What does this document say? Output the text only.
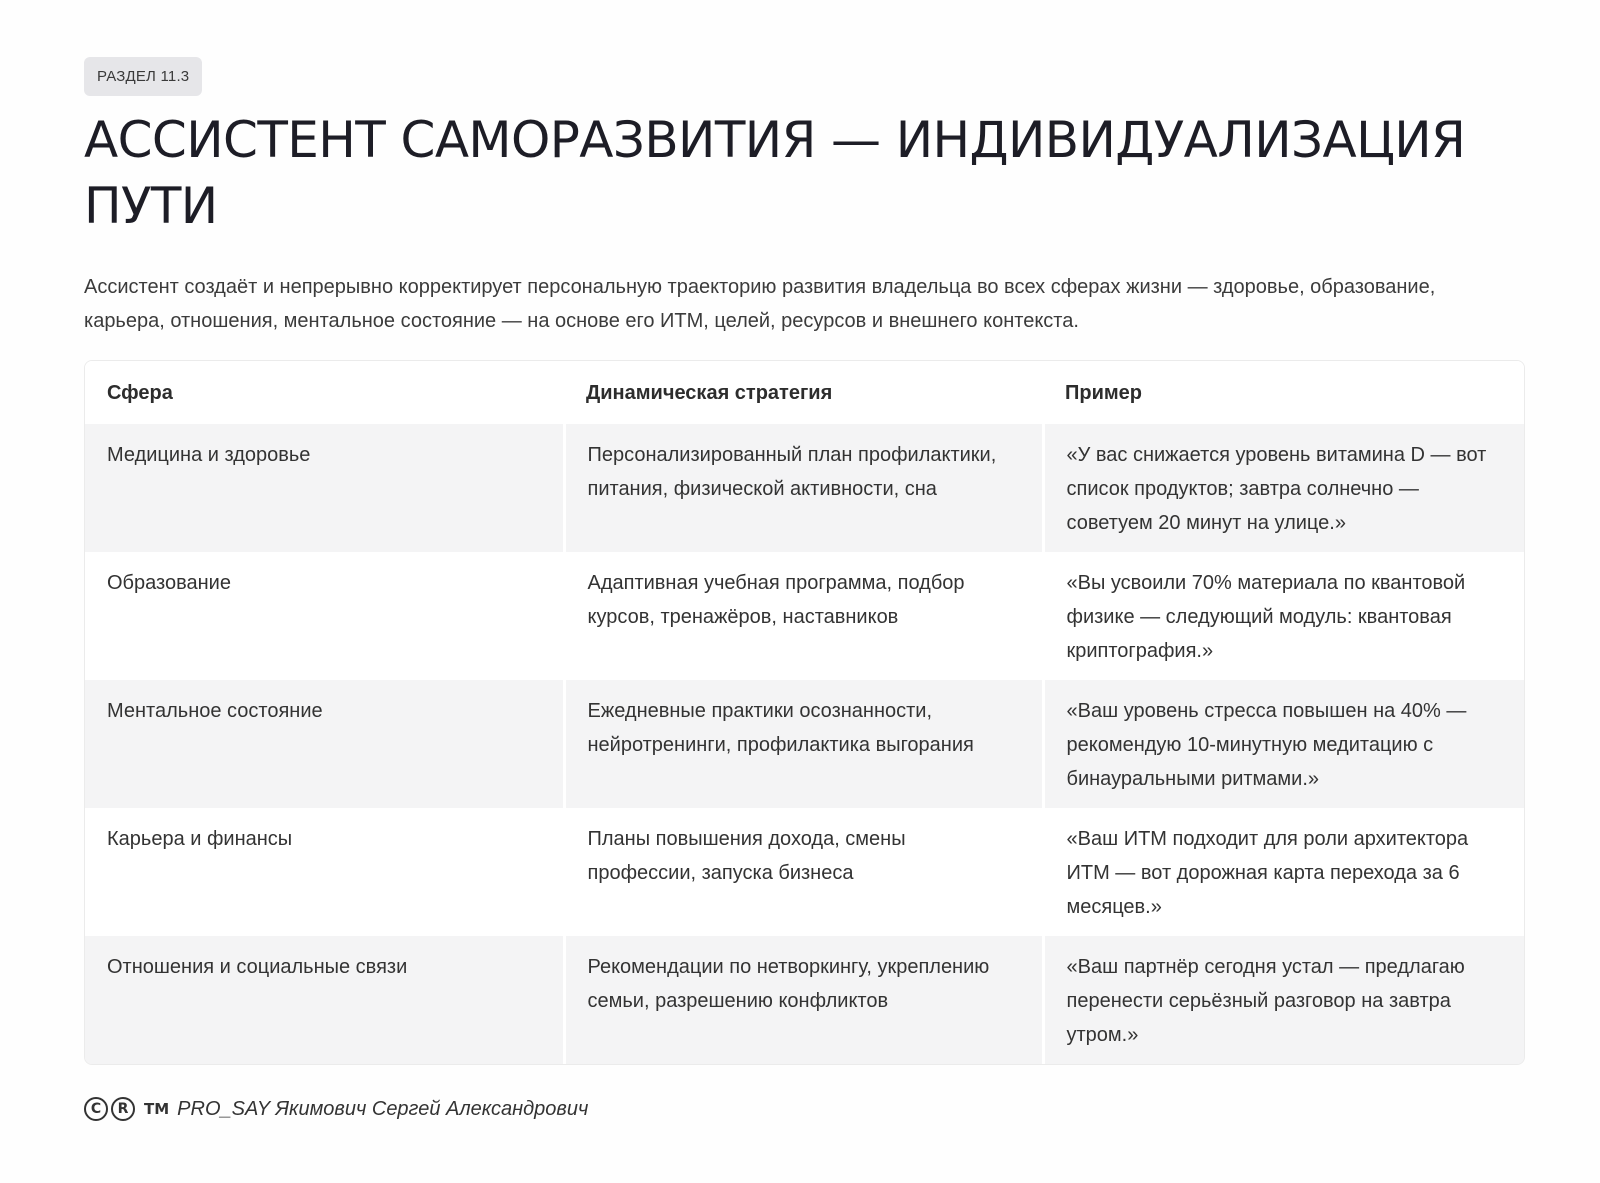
РАЗДЕЛ 11.3
АССИСТЕНТ САМОРАЗВИТИЯ — ИНДИВИДУАЛИЗАЦИЯ ПУТИ

Ассистент создаёт и непрерывно корректирует персональную траекторию развития владельца во всех сферах жизни — здоровье, образование, карьера, отношения, ментальное состояние — на основе его ИТМ, целей, ресурсов и внешнего контекста.

Сфера	Динамическая стратегия	Пример
Медицина и здоровье	Персонализированный план профилактики, питания, физической активности, сна	«У вас снижается уровень витамина D — вот список продуктов; завтра солнечно — советуем 20 минут на улице.»
Образование	Адаптивная учебная программа, подбор курсов, тренажёров, наставников	«Вы усвоили 70% материала по квантовой физике — следующий модуль: квантовая криптография.»
Ментальное состояние	Ежедневные практики осознанности, нейротренинги, профилактика выгорания	«Ваш уровень стресса повышен на 40% — рекомендую 10-минутную медитацию с бинауральными ритмами.»
Карьера и финансы	Планы повышения дохода, смены профессии, запуска бизнеса	«Ваш ИТМ подходит для роли архитектора ИТМ — вот дорожная карта перехода за 6 месяцев.»
Отношения и социальные связи	Рекомендации по нетворкингу, укреплению семьи, разрешению конфликтов	«Ваш партнёр сегодня устал — предлагаю перенести серьёзный разговор на завтра утром.»
C	R	TM PRO_SAY Якимович Сергей Александрович
